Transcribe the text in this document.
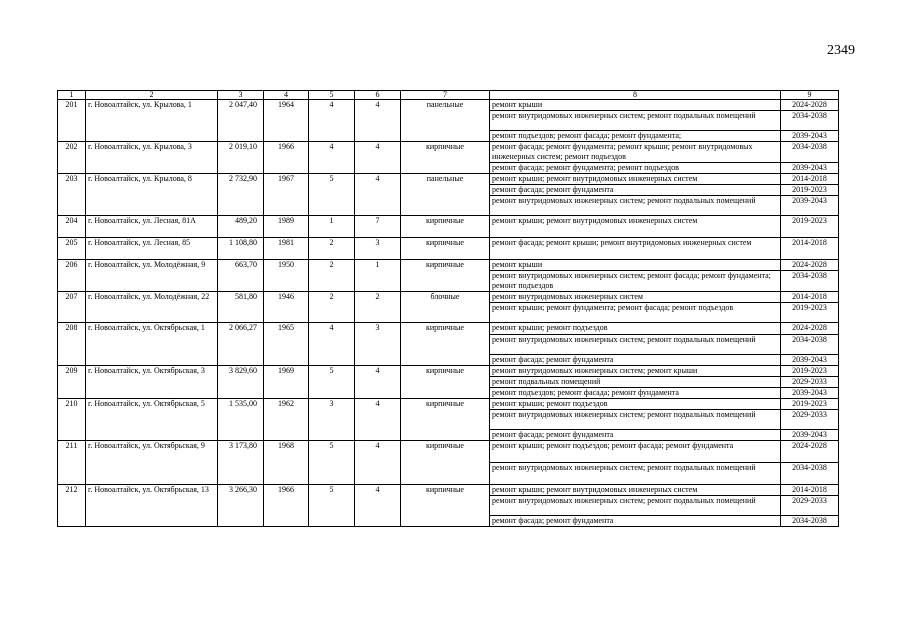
2349
1	2	3	4	5	6	7	8	9
201	г. Новоалтайск, ул. Крылова, 1	2 047,40	1964	4	4	панельные	ремонт крыши	2024-2028
							ремонт внутридомовых инженерных систем; ремонт подвальных помещений	2034-2038
							ремонт подъездов; ремонт фасада; ремонт фундамента;	2039-2043
202	г. Новоалтайск, ул. Крылова, 3	2 019,10	1966	4	4	кирпичные	ремонт фасада; ремонт фундамента; ремонт крыши; ремонт внутридомовых инженерных систем; ремонт подъездов	2034-2038
							ремонт фасада; ремонт фундамента; ремонт подъездов	2039-2043
203	г. Новоалтайск, ул. Крылова, 8	2 732,90	1967	5	4	панельные	ремонт крыши; ремонт внутридомовых инженерных систем	2014-2018
							ремонт фасада; ремонт фундамента	2019-2023
							ремонт внутридомовых инженерных систем; ремонт подвальных помещений	2039-2043
204	г. Новоалтайск, ул. Лесная, 81А	489,20	1989	1	7	кирпичные	ремонт крыши; ремонт внутридомовых инженерных систем	2019-2023
205	г. Новоалтайск, ул. Лесная, 85	1 108,80	1981	2	3	кирпичные	ремонт фасада; ремонт крыши; ремонт внутридомовых инженерных систем	2014-2018
206	г. Новоалтайск, ул. Молодёжная, 9	663,70	1950	2	1	кирпичные	ремонт крыши	2024-2028
							ремонт внутридомовых инженерных систем; ремонт фасада; ремонт фундамента; ремонт подъездов	2034-2038
207	г. Новоалтайск, ул. Молодёжная, 22	581,80	1946	2	2	блочные	ремонт внутридомовых инженерных систем	2014-2018
							ремонт крыши; ремонт фундамента; ремонт фасада; ремонт подъездов	2019-2023
208	г. Новоалтайск, ул. Октябрьская, 1	2 066,27	1965	4	3	кирпичные	ремонт крыши; ремонт подъездов	2024-2028
							ремонт внутридомовых инженерных систем; ремонт подвальных помещений	2034-2038
							ремонт фасада; ремонт фундамента	2039-2043
209	г. Новоалтайск, ул. Октябрьская, 3	3 829,60	1969	5	4	кирпичные	ремонт внутридомовых инженерных систем; ремонт крыши	2019-2023
							ремонт подвальных помещений	2029-2033
							ремонт подъездов; ремонт фасада; ремонт фундамента	2039-2043
210	г. Новоалтайск, ул. Октябрьская, 5	1 535,00	1962	3	4	кирпичные	ремонт крыши; ремонт подъездов	2019-2023
							ремонт внутридомовых инженерных систем; ремонт подвальных помещений	2029-2033
							ремонт фасада; ремонт фундамента	2039-2043
211	г. Новоалтайск, ул. Октябрьская, 9	3 173,80	1968	5	4	кирпичные	ремонт крыши; ремонт подъездов; ремонт фасада; ремонт фундамента	2024-2028
							ремонт внутридомовых инженерных систем; ремонт подвальных помещений	2034-2038
212	г. Новоалтайск, ул. Октябрьская, 13	3 266,30	1966	5	4	кирпичные	ремонт крыши; ремонт внутридомовых инженерных систем	2014-2018
							ремонт внутридомовых инженерных систем; ремонт подвальных помещений	2029-2033
							ремонт фасада; ремонт фундамента	2034-2038
